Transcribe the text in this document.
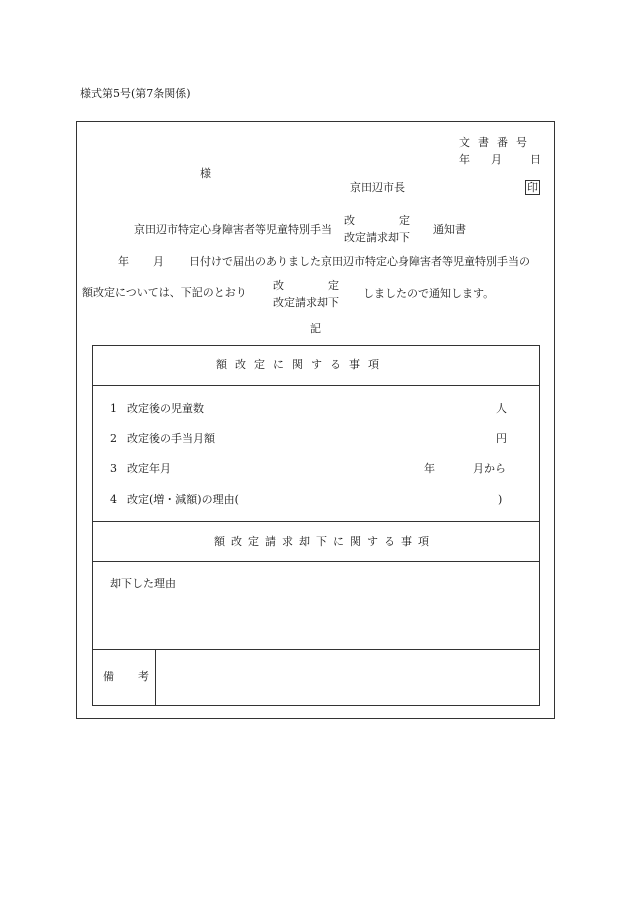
様式第5号(第7条関係)
文書番号
年 月	日
様
京田辺市長	印
京田辺市特定心身障害者等児童特別手当
改定
改定請求却下
通知書
年 月 日付けで届出のありました京田辺市特定心身障害者等児童特別手当の
額改定については、下記のとおり
改定
改定請求却下
しましたので通知します。
記
額改定に関する事項
1 改定後の児童数	人
2 改定後の手当月額	円
3 改定年月	年	月から
4 改定(増・減額)の理由(	)
額改定請求却下に関する事項
却下した理由
備考
